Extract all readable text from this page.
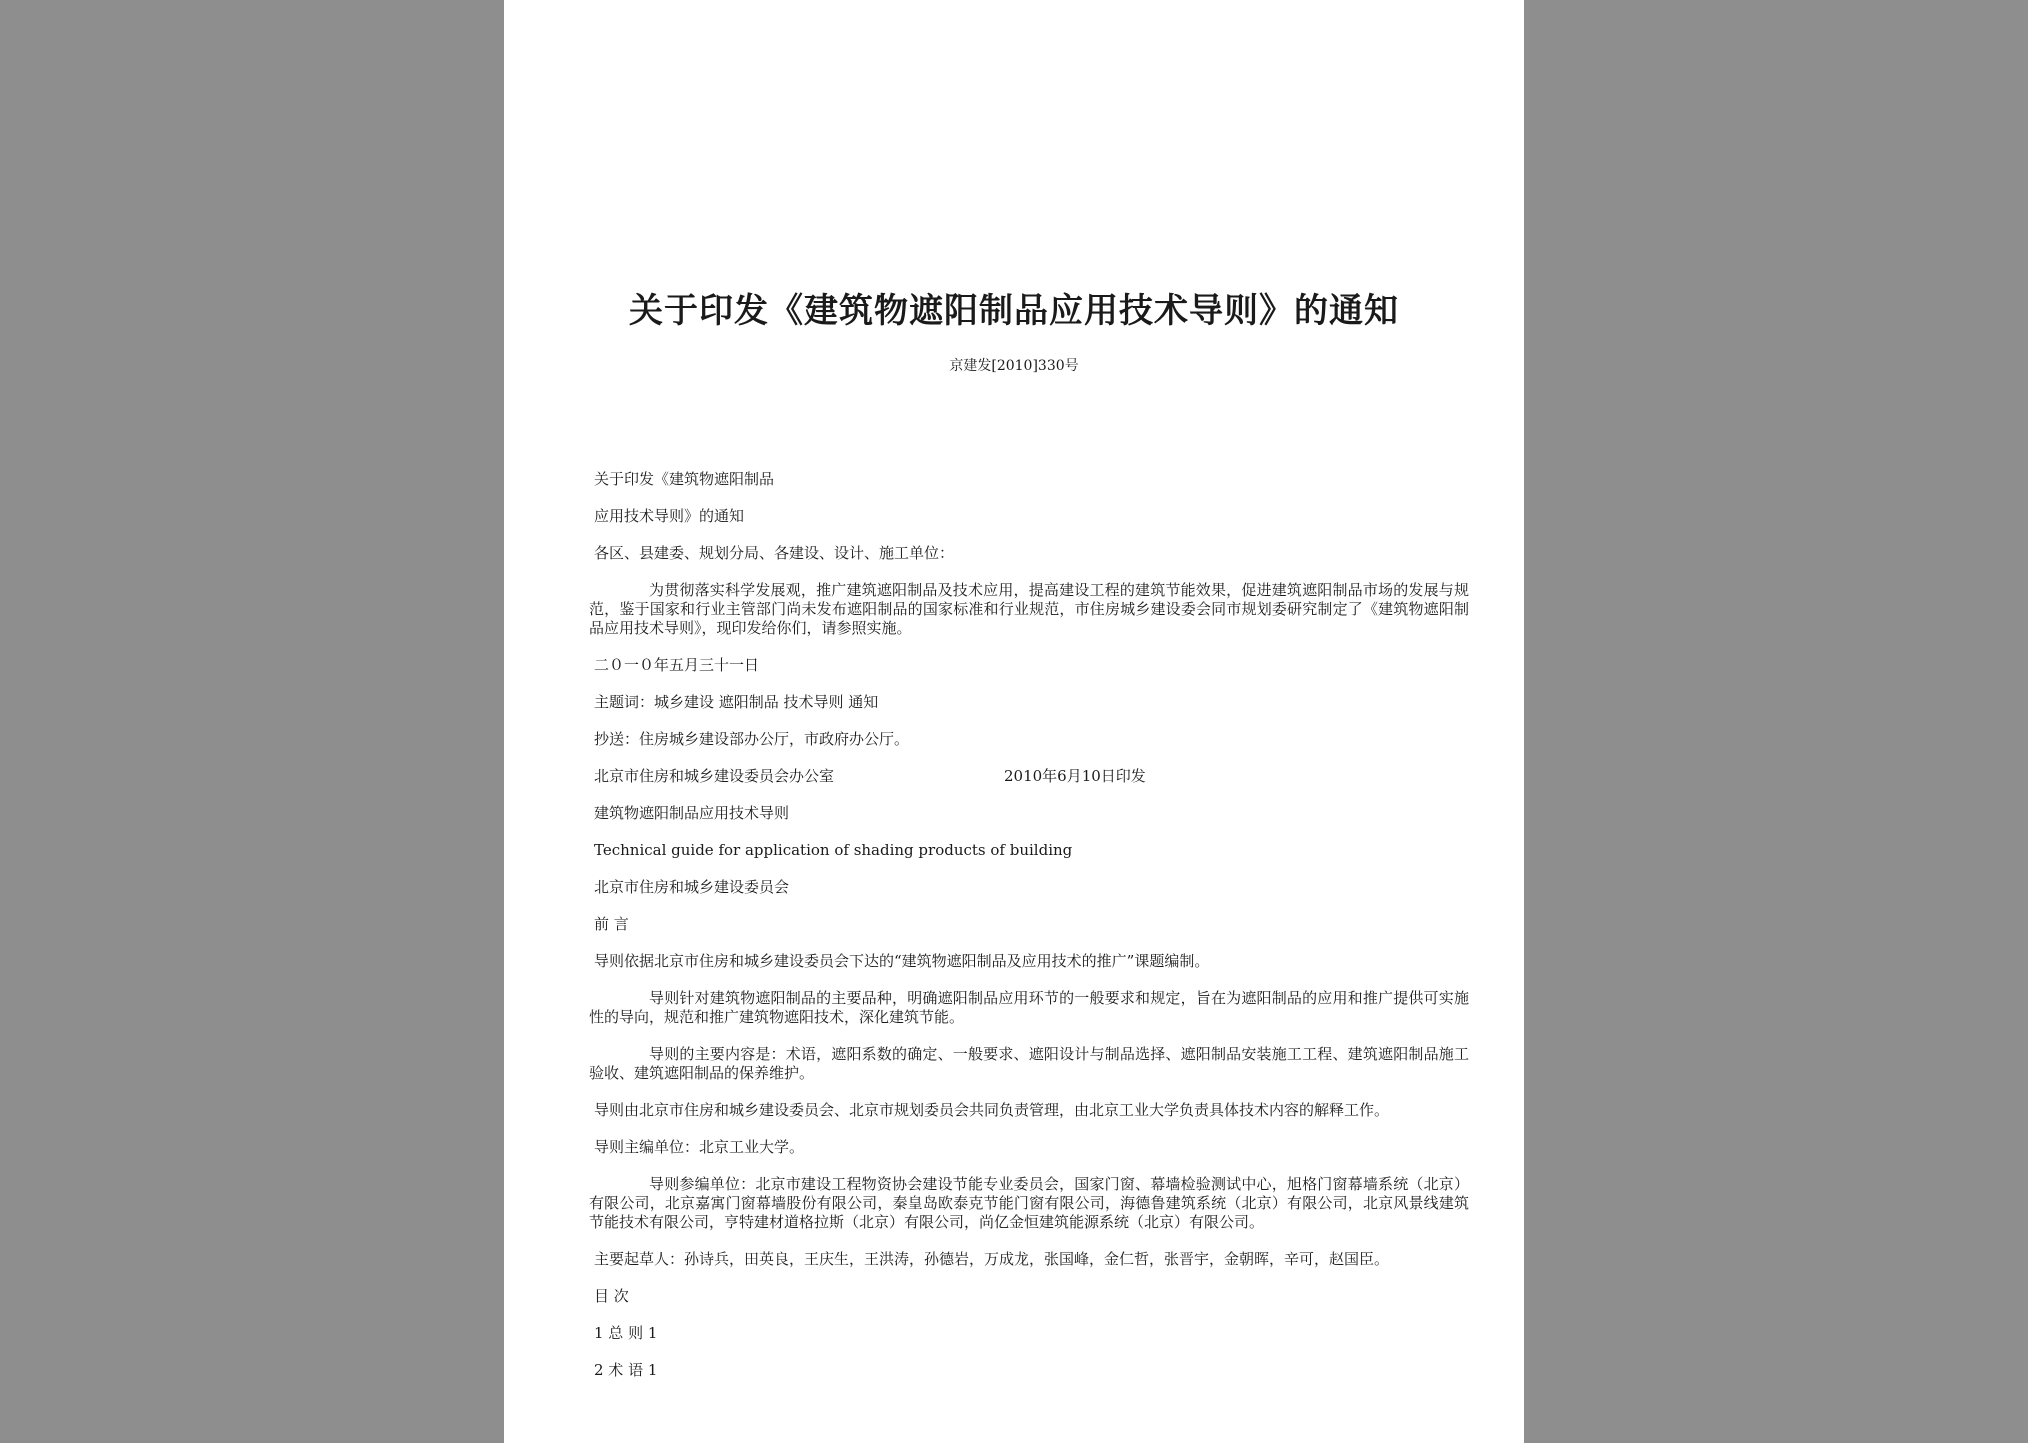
关于印发《建筑物遮阳制品应用技术导则》的通知
京建发[2010]330号

关于印发《建筑物遮阳制品

应用技术导则》的通知

各区、县建委、规划分局、各建设、设计、施工单位：

为贯彻落实科学发展观，推广建筑遮阳制品及技术应用，提高建设工程的建筑节能效果，促进建筑遮阳制品市场的发展与规范，鉴于国家和行业主管部门尚未发布遮阳制品的国家标准和行业规范，市住房城乡建设委会同市规划委研究制定了《建筑物遮阳制品应用技术导则》，现印发给你们，请参照实施。

二０一０年五月三十一日

主题词：城乡建设 遮阳制品 技术导则 通知

抄送：住房城乡建设部办公厅，市政府办公厅。

北京市住房和城乡建设委员会办公室	2010年6月10日印发

建筑物遮阳制品应用技术导则

Technical guide for application of shading products of building

北京市住房和城乡建设委员会

前 言

导则依据北京市住房和城乡建设委员会下达的“建筑物遮阳制品及应用技术的推广”课题编制。

导则针对建筑物遮阳制品的主要品种，明确遮阳制品应用环节的一般要求和规定，旨在为遮阳制品的应用和推广提供可实施性的导向，规范和推广建筑物遮阳技术，深化建筑节能。

导则的主要内容是：术语，遮阳系数的确定、一般要求、遮阳设计与制品选择、遮阳制品安装施工工程、建筑遮阳制品施工验收、建筑遮阳制品的保养维护。

导则由北京市住房和城乡建设委员会、北京市规划委员会共同负责管理，由北京工业大学负责具体技术内容的解释工作。

导则主编单位：北京工业大学。

导则参编单位：北京市建设工程物资协会建设节能专业委员会，国家门窗、幕墙检验测试中心，旭格门窗幕墙系统（北京）有限公司，北京嘉寓门窗幕墙股份有限公司，秦皇岛欧泰克节能门窗有限公司，海德鲁建筑系统（北京）有限公司，北京风景线建筑节能技术有限公司，亨特建材道格拉斯（北京）有限公司，尚亿金恒建筑能源系统（北京）有限公司。

主要起草人：孙诗兵，田英良，王庆生，王洪涛，孙德岩，万成龙，张国峰，金仁哲，张晋宇，金朝晖，辛可，赵国臣。

目 次

1 总 则 1

2 术 语 1
